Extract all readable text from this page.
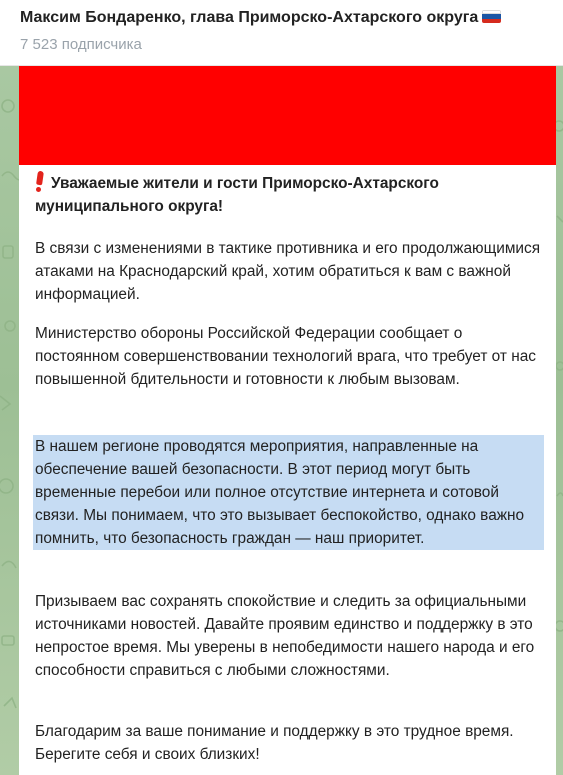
Максим Бондаренко, глава Приморско-Ахтарского округа
7 523 подписчика
Уважаемые жители и гости Приморско-Ахтарского муниципального округа!
В связи с изменениями в тактике противника и его продолжающимися атаками на Краснодарский край, хотим обратиться к вам с важной информацией.
Министерство обороны Российской Федерации сообщает о постоянном совершенствовании технологий врага, что требует от нас повышенной бдительности и готовности к любым вызовам.
В нашем регионе проводятся мероприятия, направленные на обеспечение вашей безопасности. В этот период могут быть временные перебои или полное отсутствие интернета и сотовой связи. Мы понимаем, что это вызывает беспокойство, однако важно помнить, что безопасность граждан — наш приоритет.
Призываем вас сохранять спокойствие и следить за официальными источниками новостей. Давайте проявим единство и поддержку в это непростое время. Мы уверены в непобедимости нашего народа и его способности справиться с любыми сложностями.
Благодарим за ваше понимание и поддержку в это трудное время. Берегите себя и своих близких!
